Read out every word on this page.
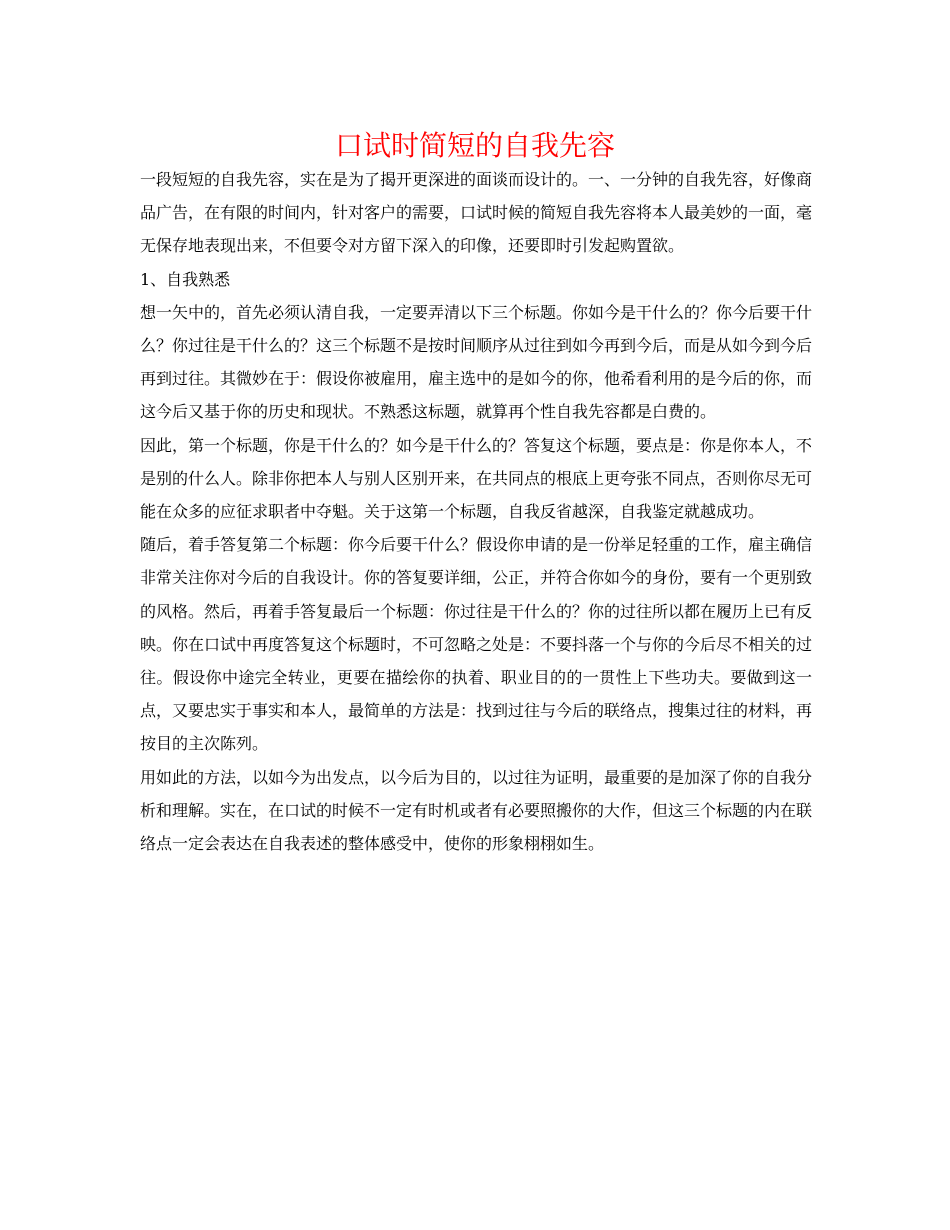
口试时简短的自我先容

一段短短的自我先容，实在是为了揭开更深进的面谈而设计的。一、一分钟的自我先容，好像商品广告，在有限的时间内，针对客户的需要，口试时候的简短自我先容将本人最美妙的一面，毫无保存地表现出来，不但要令对方留下深入的印像，还要即时引发起购置欲。

1、自我熟悉

想一矢中的，首先必须认清自我，一定要弄清以下三个标题。你如今是干什么的？你今后要干什么？你过往是干什么的？这三个标题不是按时间顺序从过往到如今再到今后，而是从如今到今后再到过往。其微妙在于：假设你被雇用，雇主选中的是如今的你，他希看利用的是今后的你，而这今后又基于你的历史和现状。不熟悉这标题，就算再个性自我先容都是白费的。

因此，第一个标题，你是干什么的？如今是干什么的？答复这个标题，要点是：你是你本人，不是别的什么人。除非你把本人与别人区别开来，在共同点的根底上更夸张不同点，否则你尽无可能在众多的应征求职者中夺魁。关于这第一个标题，自我反省越深，自我鉴定就越成功。

随后，着手答复第二个标题：你今后要干什么？假设你申请的是一份举足轻重的工作，雇主确信非常关注你对今后的自我设计。你的答复要详细，公正，并符合你如今的身份，要有一个更别致的风格。然后，再着手答复最后一个标题：你过往是干什么的？你的过往所以都在履历上已有反映。你在口试中再度答复这个标题时，不可忽略之处是：不要抖落一个与你的今后尽不相关的过往。假设你中途完全转业，更要在描绘你的执着、职业目的的一贯性上下些功夫。要做到这一点，又要忠实于事实和本人，最简单的方法是：找到过往与今后的联络点，搜集过往的材料，再按目的主次陈列。

用如此的方法，以如今为出发点，以今后为目的，以过往为证明，最重要的是加深了你的自我分析和理解。实在，在口试的时候不一定有时机或者有必要照搬你的大作，但这三个标题的内在联络点一定会表达在自我表述的整体感受中，使你的形象栩栩如生。
